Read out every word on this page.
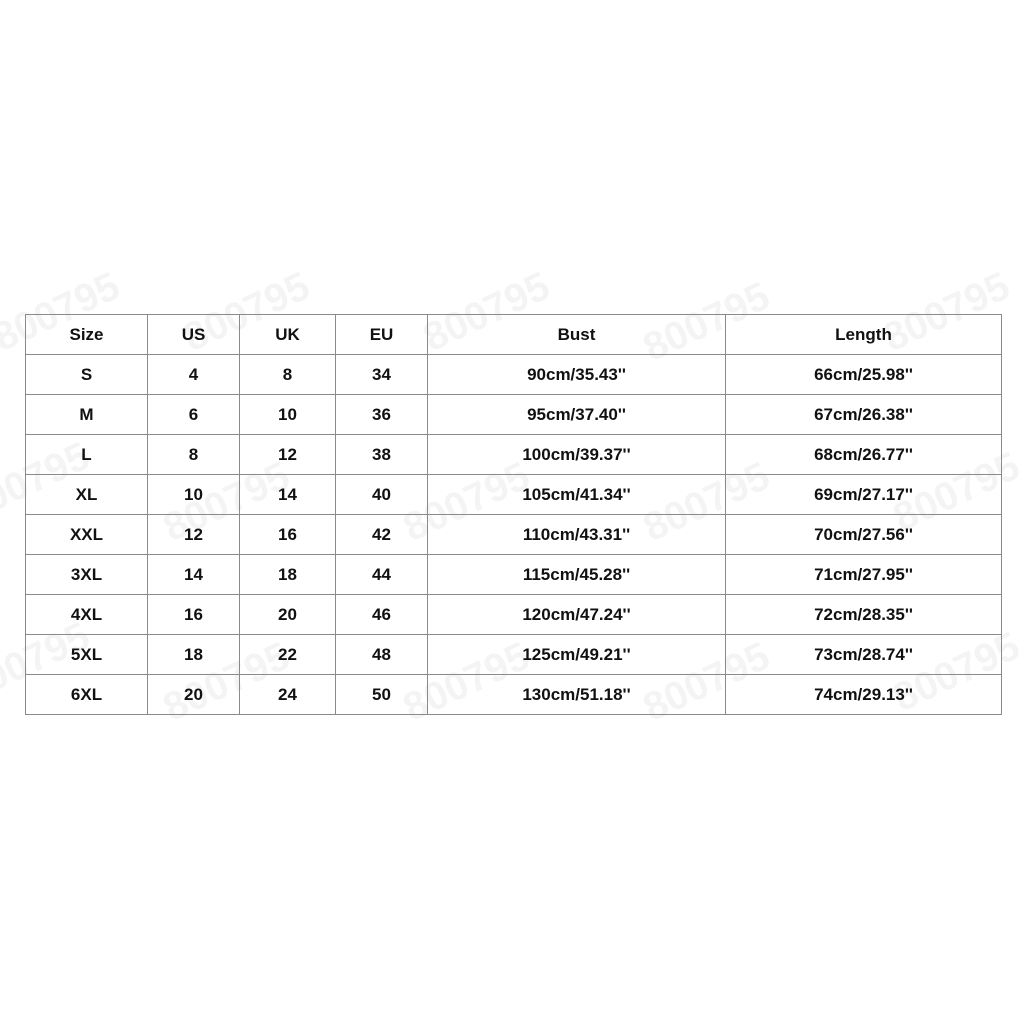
Size	US	UK	EU	Bust	Length
S	4	8	34	90cm/35.43''	66cm/25.98''
M	6	10	36	95cm/37.40''	67cm/26.38''
L	8	12	38	100cm/39.37''	68cm/26.77''
XL	10	14	40	105cm/41.34''	69cm/27.17''
XXL	12	16	42	110cm/43.31''	70cm/27.56''
3XL	14	18	44	115cm/45.28''	71cm/27.95''
4XL	16	20	46	120cm/47.24''	72cm/28.35''
5XL	18	22	48	125cm/49.21''	73cm/28.74''
6XL	20	24	50	130cm/51.18''	74cm/29.13''
